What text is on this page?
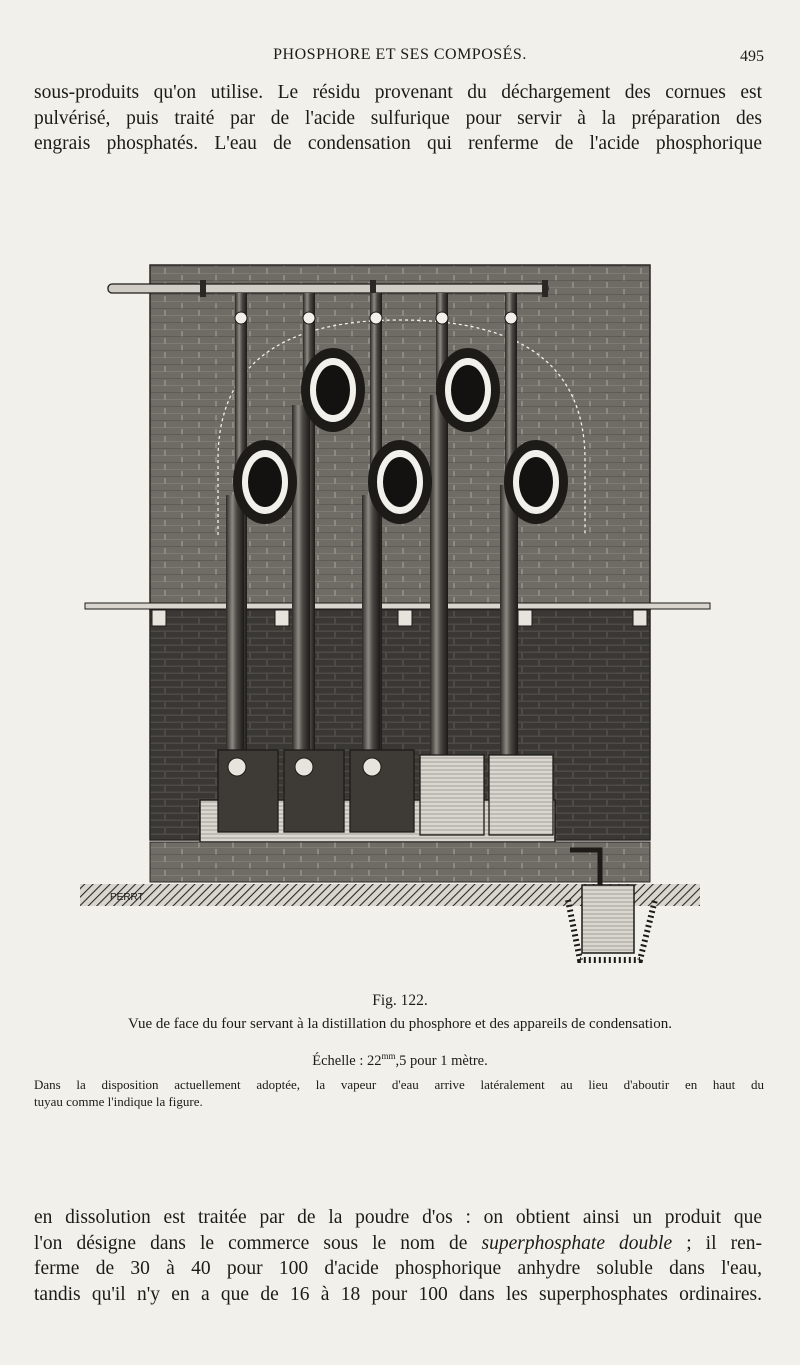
PHOSPHORE ET SES COMPOSÉS.	495
sous-produits qu'on utilise. Le résidu provenant du déchargement des cornues est
pulvérisé, puis traité par de l'acide sulfurique pour servir à la préparation des
engrais phosphatés. L'eau de condensation qui renferme de l'acide phosphorique
PERRT
Fig. 122.
Vue de face du four servant à la distillation du phosphore et des appareils de condensation.
Échelle : $22^{mm},5$ pour 1 mètre.
Dans la disposition actuellement adoptée, la vapeur d'eau arrive latéralement au lieu d'aboutir en haut du
tuyau comme l'indique la figure.
en dissolution est traitée par de la poudre d'os : on obtient ainsi un produit que
l'on désigne dans le commerce sous le nom de superphosphate double ; il ren-
ferme de 30 à 40 pour 100 d'acide phosphorique anhydre soluble dans l'eau,
tandis qu'il n'y en a que de 16 à 18 pour 100 dans les superphosphates ordinaires.
